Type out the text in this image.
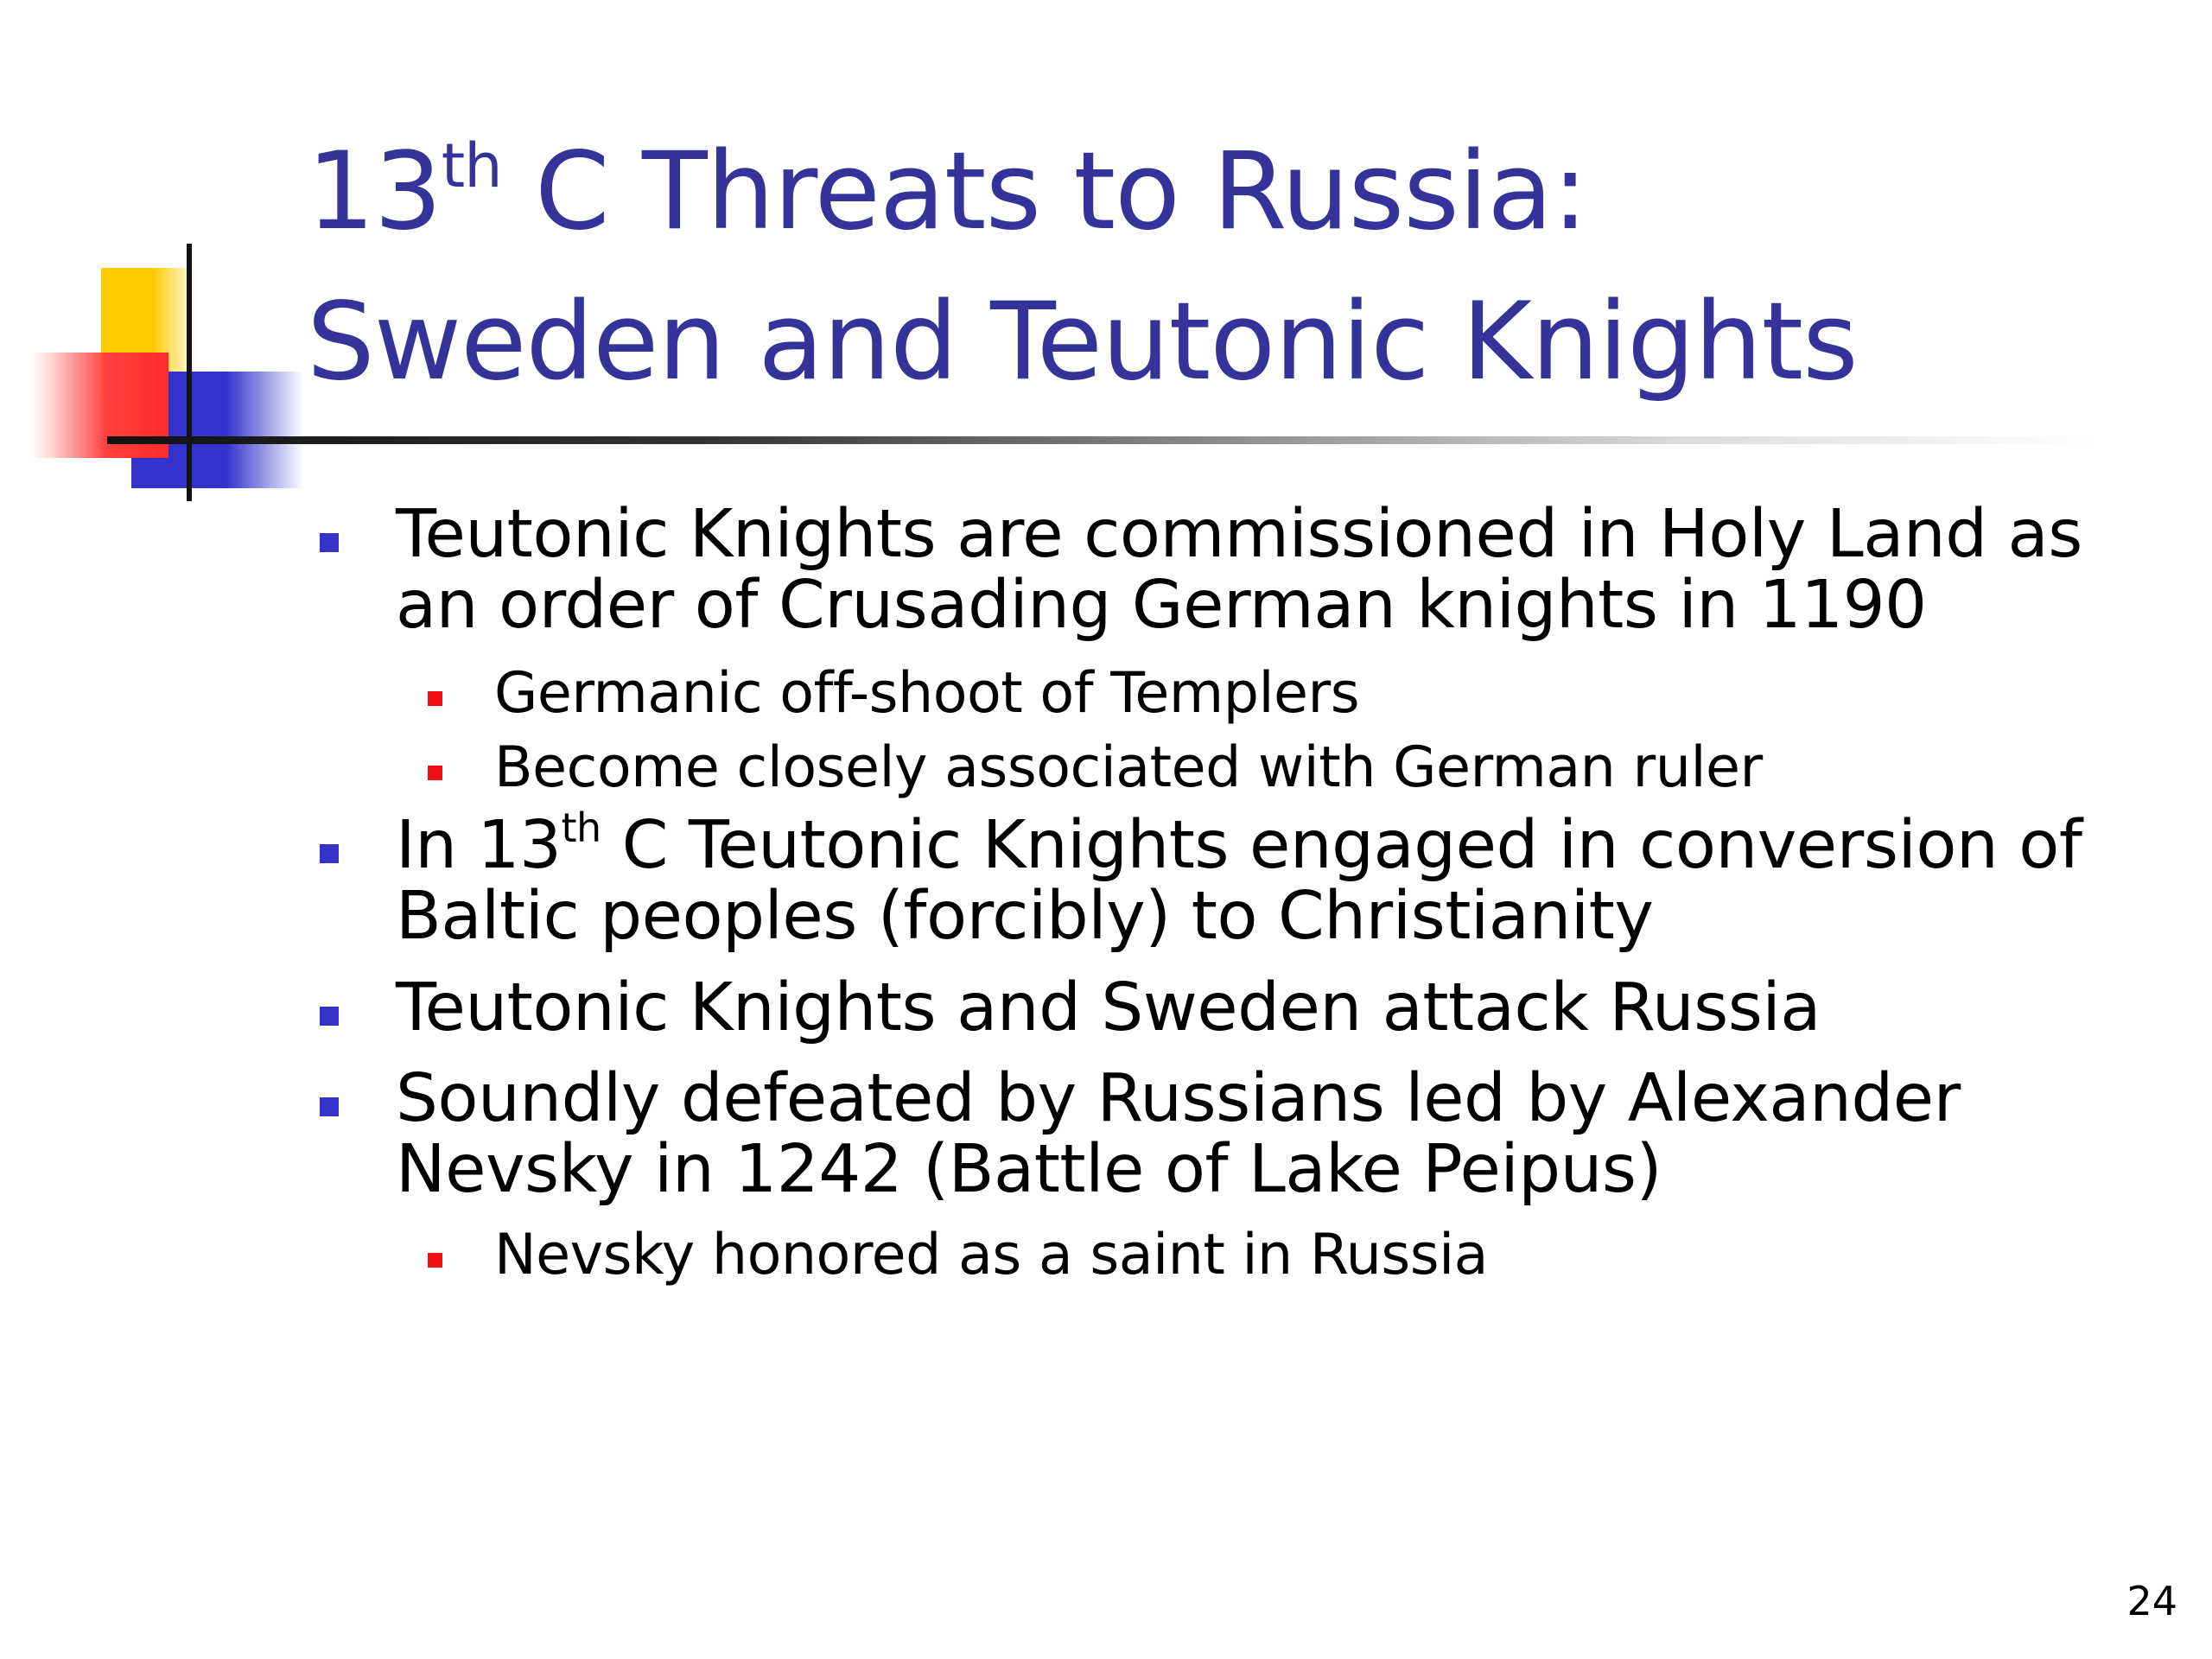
13th C Threats to Russia:
Sweden and Teutonic Knights
Teutonic Knights are commissioned in Holy Land as an order of Crusading German knights in 1190
Germanic off-shoot of Templers
Become closely associated with German ruler
In 13th C Teutonic Knights engaged in conversion of Baltic peoples (forcibly) to Christianity
Teutonic Knights and Sweden attack Russia
Soundly defeated by Russians led by Alexander Nevsky in 1242 (Battle of Lake Peipus)
Nevsky honored as a saint in Russia
24
